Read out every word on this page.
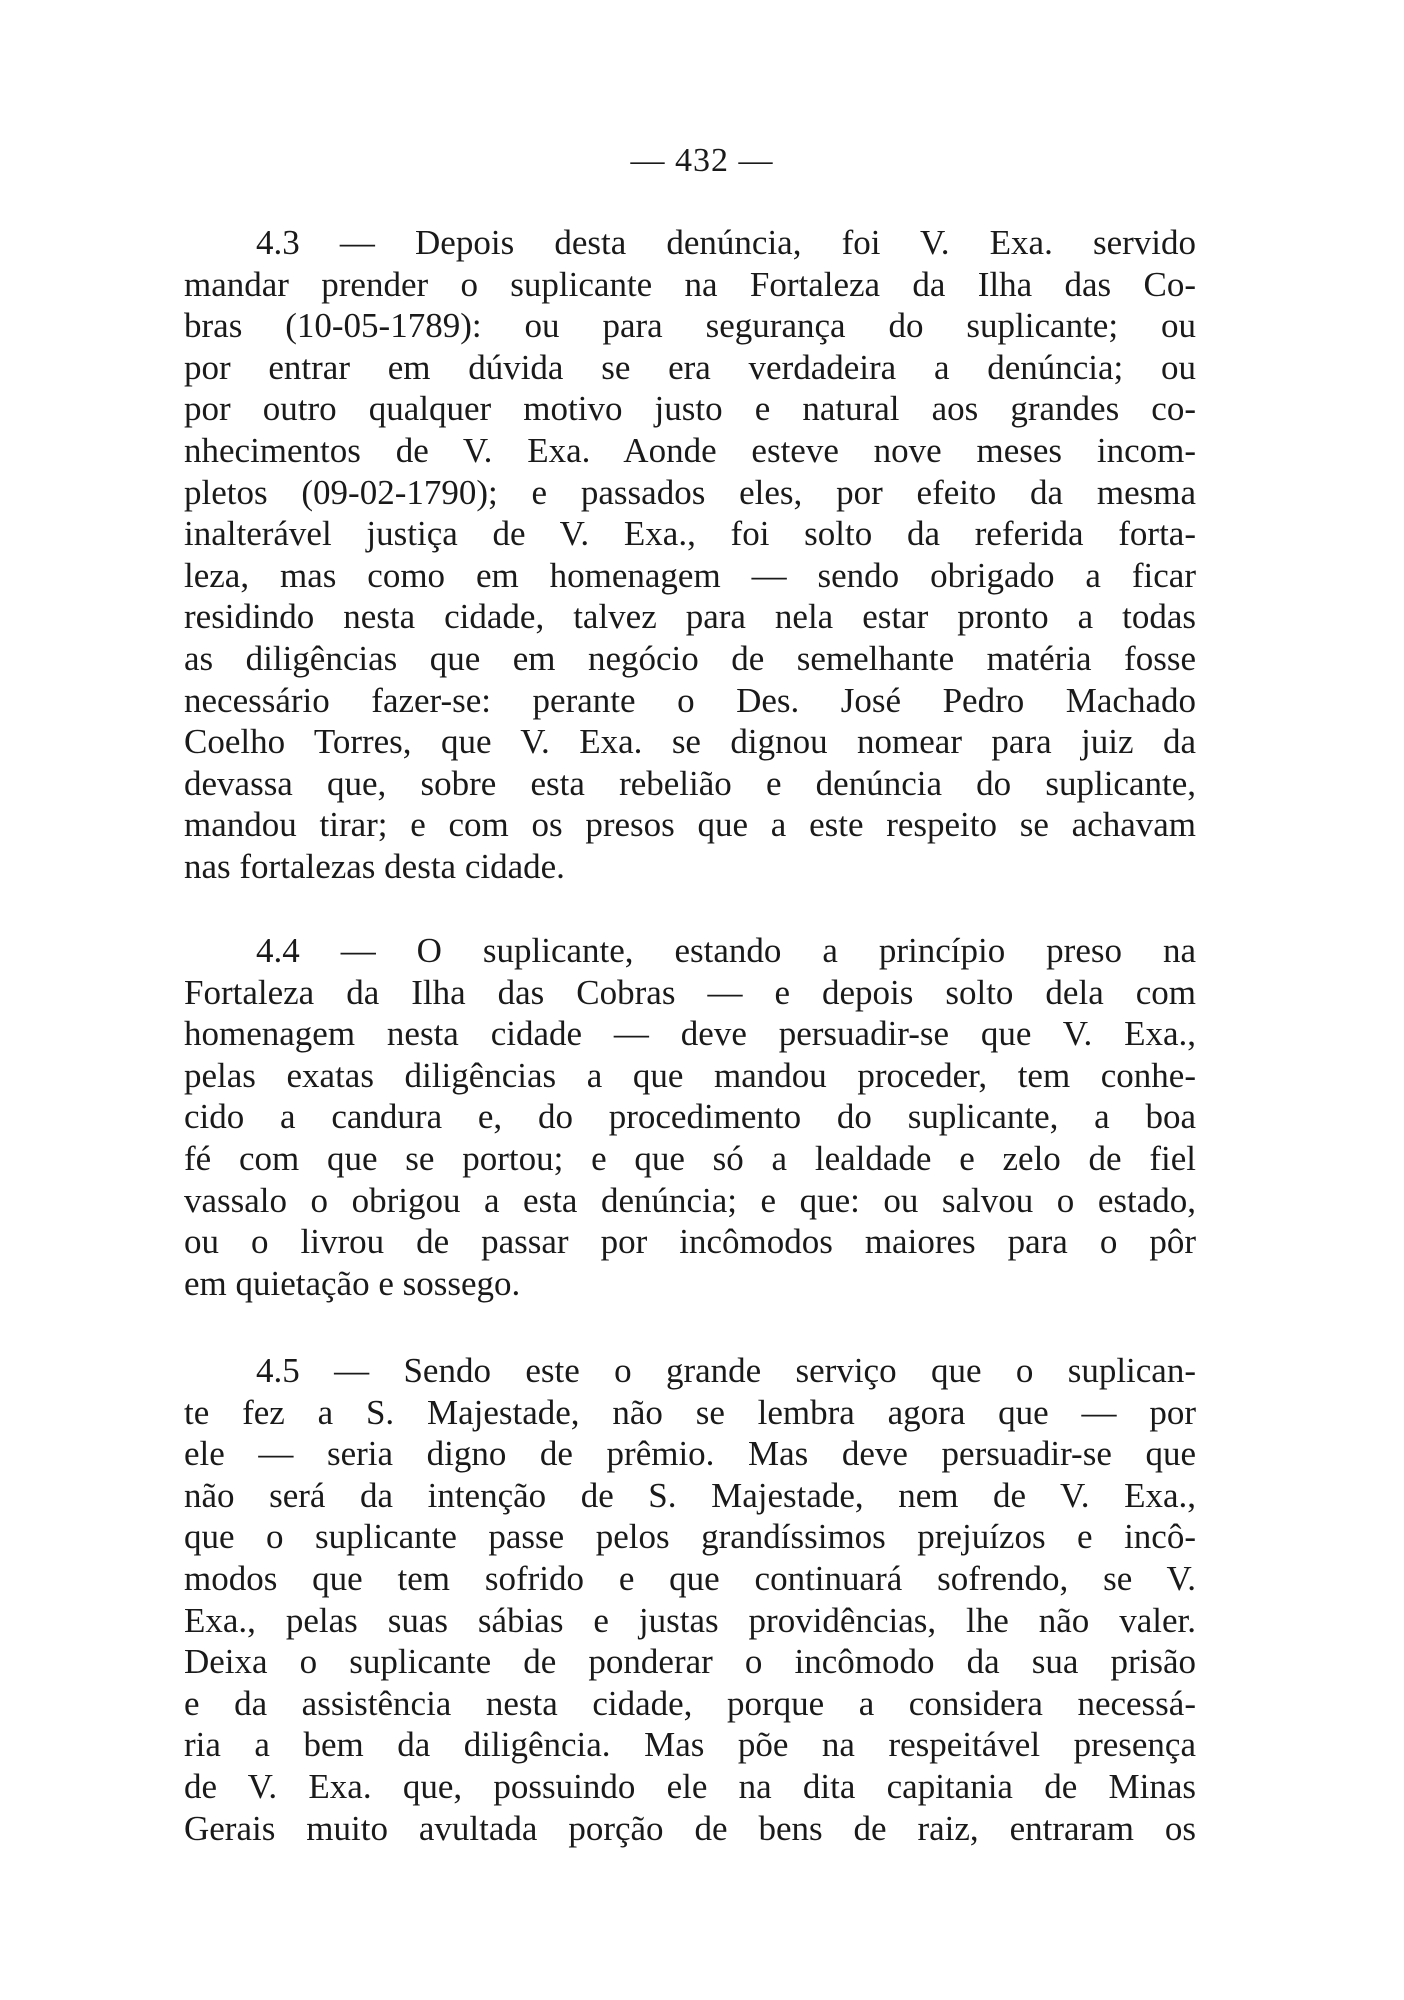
— 432 —
4.3 — Depois desta denúncia, foi V. Exa. servido
mandar prender o suplicante na Fortaleza da Ilha das Co-
bras (10-05-1789): ou para segurança do suplicante; ou
por entrar em dúvida se era verdadeira a denúncia; ou
por outro qualquer motivo justo e natural aos grandes co-
nhecimentos de V. Exa. Aonde esteve nove meses incom-
pletos (09-02-1790); e passados eles, por efeito da mesma
inalterável justiça de V. Exa., foi solto da referida forta-
leza, mas como em homenagem — sendo obrigado a ficar
residindo nesta cidade, talvez para nela estar pronto a todas
as diligências que em negócio de semelhante matéria fosse
necessário fazer-se: perante o Des. José Pedro Machado
Coelho Torres, que V. Exa. se dignou nomear para juiz da
devassa que, sobre esta rebelião e denúncia do suplicante,
mandou tirar; e com os presos que a este respeito se achavam
nas fortalezas desta cidade.
4.4 — O suplicante, estando a princípio preso na
Fortaleza da Ilha das Cobras — e depois solto dela com
homenagem nesta cidade — deve persuadir-se que V. Exa.,
pelas exatas diligências a que mandou proceder, tem conhe-
cido a candura e, do procedimento do suplicante, a boa
fé com que se portou; e que só a lealdade e zelo de fiel
vassalo o obrigou a esta denúncia; e que: ou salvou o estado,
ou o livrou de passar por incômodos maiores para o pôr
em quietação e sossego.
4.5 — Sendo este o grande serviço que o suplican-
te fez a S. Majestade, não se lembra agora que — por
ele — seria digno de prêmio. Mas deve persuadir-se que
não será da intenção de S. Majestade, nem de V. Exa.,
que o suplicante passe pelos grandíssimos prejuízos e incô-
modos que tem sofrido e que continuará sofrendo, se V.
Exa., pelas suas sábias e justas providências, lhe não valer.
Deixa o suplicante de ponderar o incômodo da sua prisão
e da assistência nesta cidade, porque a considera necessá-
ria a bem da diligência. Mas põe na respeitável presença
de V. Exa. que, possuindo ele na dita capitania de Minas
Gerais muito avultada porção de bens de raiz, entraram os
